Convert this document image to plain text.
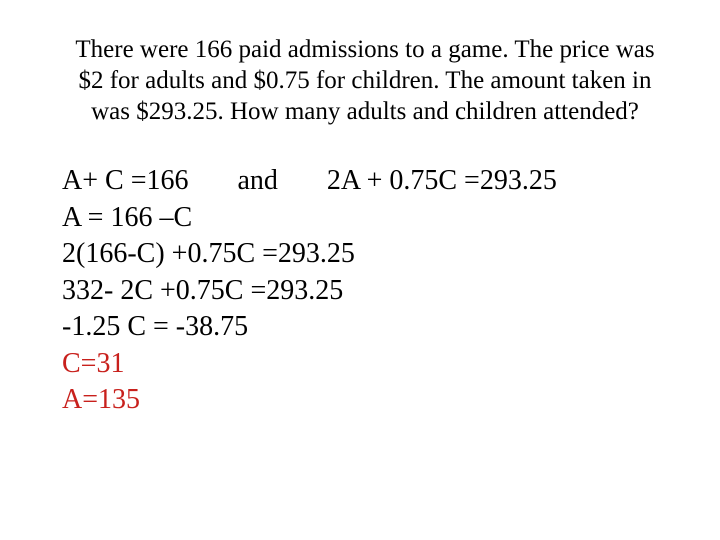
There were 166 paid admissions to a game. The price was
$2 for adults and $0.75 for children. The amount taken in
was $293.25. How many adults and children attended?
A+ C =166       and       2A + 0.75C =293.25
A = 166 –C
2(166-C) +0.75C =293.25
332- 2C +0.75C =293.25
-1.25 C = -38.75
C=31
A=135
